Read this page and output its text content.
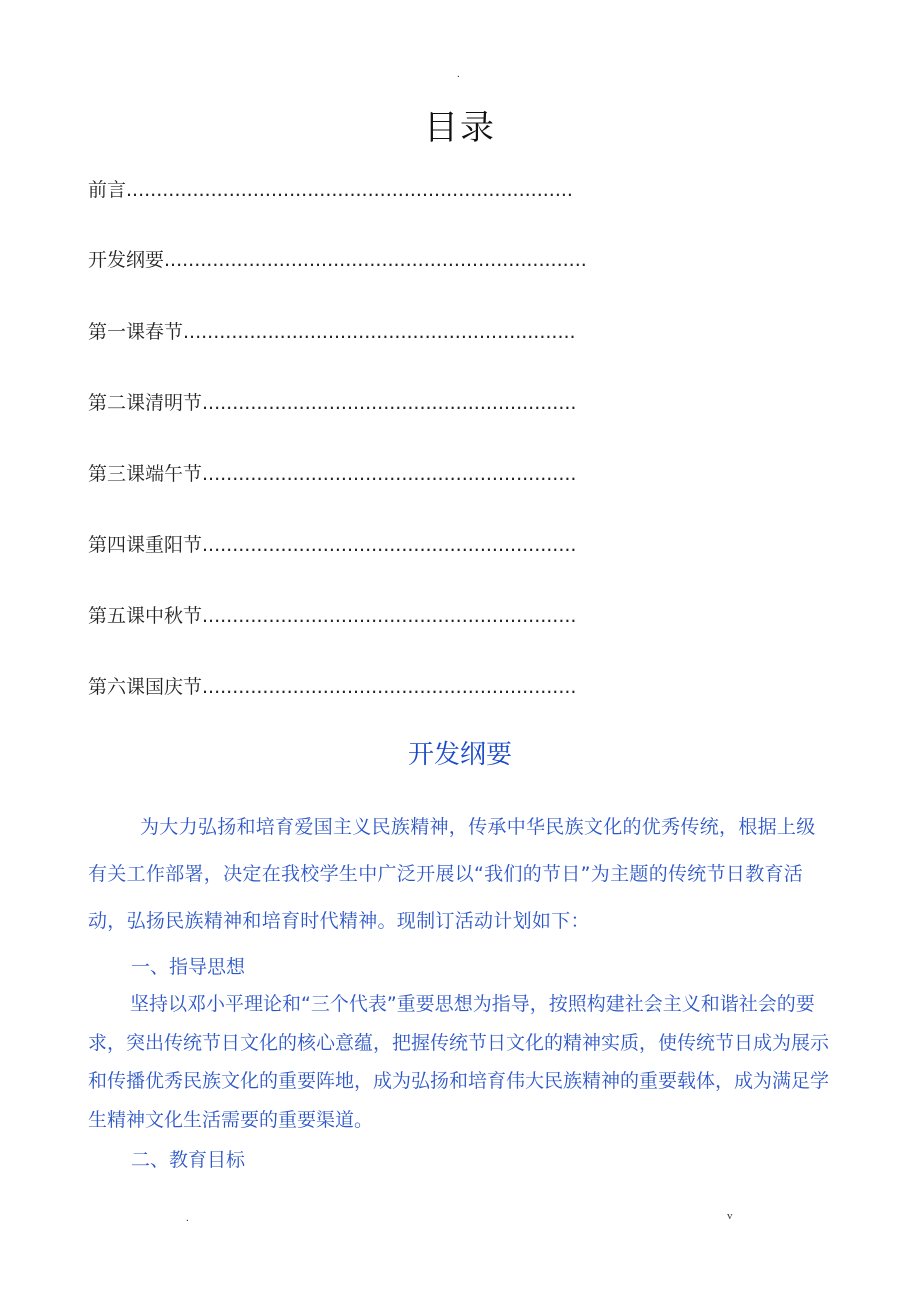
.
目录
前言..........................................................................
开发纲要......................................................................
第一课春节.................................................................
第二课清明节..............................................................
第三课端午节..............................................................
第四课重阳节..............................................................
第五课中秋节..............................................................
第六课国庆节..............................................................
开发纲要
为大力弘扬和培育爱国主义民族精神，传承中华民族文化的优秀传统，根据上级有关工作部署，决定在我校学生中广泛开展以“我们的节日”为主题的传统节日教育活动，弘扬民族精神和培育时代精神。现制订活动计划如下：
一、指导思想
坚持以邓小平理论和“三个代表”重要思想为指导，按照构建社会主义和谐社会的要求，突出传统节日文化的核心意蕴，把握传统节日文化的精神实质，使传统节日成为展示和传播优秀民族文化的重要阵地，成为弘扬和培育伟大民族精神的重要载体，成为满足学生精神文化生活需要的重要渠道。
二、教育目标
.	v
